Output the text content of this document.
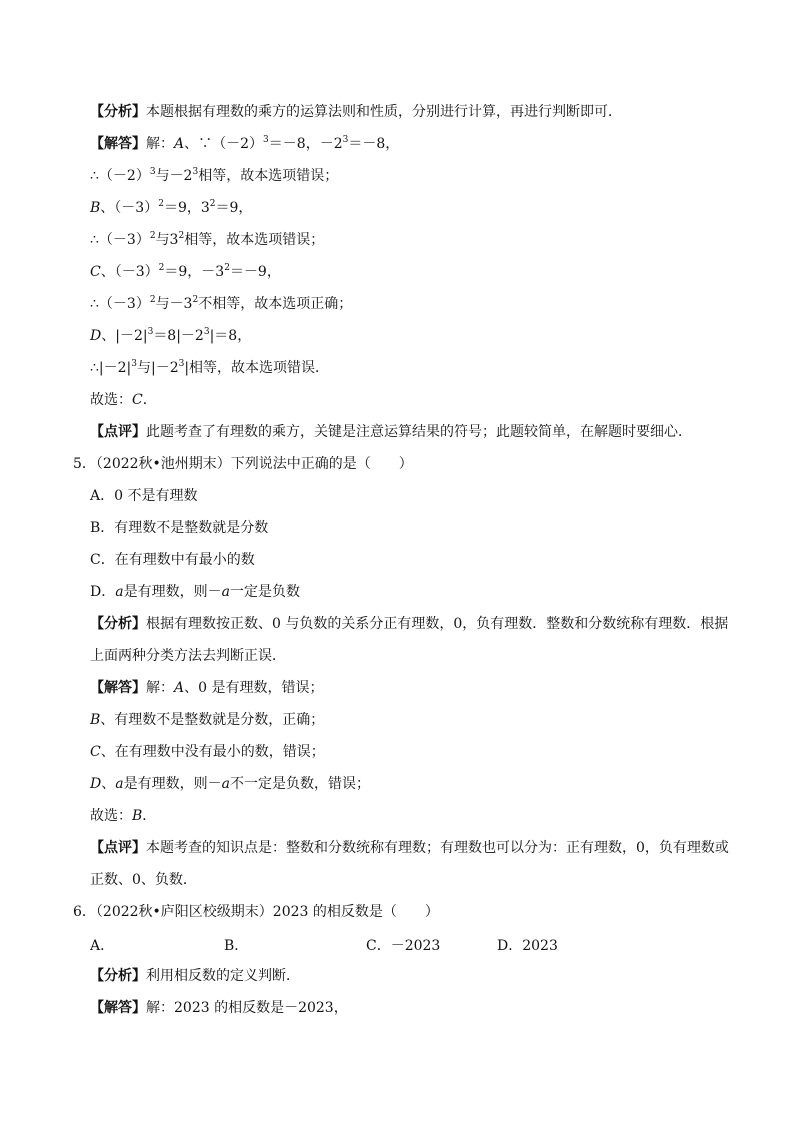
【分析】本题根据有理数的乘方的运算法则和性质，分别进行计算，再进行判断即可．
【解答】解：A、$\because(-2)^3=-8$，$-2^3=-8$，
$\therefore(-2)^3$与$-2^3$相等，故本选项错误；
B、$(-3)^2=9$，$3^2=9$，
$\therefore(-3)^2$与$3^2$相等，故本选项错误；
C、$(-3)^2=9$，$-3^2=-9$，
$\therefore(-3)^2$与$-3^2$不相等，故本选项正确；
D、$|-2|^3=8|-2^3|=8$，
$\therefore|-2|^3$与$|-2^3|$相等，故本选项错误．
故选：C．
【点评】此题考查了有理数的乘方，关键是注意运算结果的符号；此题较简单，在解题时要细心．
5．（2022秋•池州期末）下列说法中正确的是（　　）
A．0 不是有理数
B．有理数不是整数就是分数
C．在有理数中有最小的数
D．a是有理数，则－a一定是负数
【分析】根据有理数按正数、0 与负数的关系分正有理数，0，负有理数．整数和分数统称有理数．根据
上面两种分类方法去判断正误．
【解答】解：A、0 是有理数，错误；
B、有理数不是整数就是分数，正确；
C、在有理数中没有最小的数，错误；
D、a是有理数，则－a不一定是负数，错误；
故选：B．
【点评】本题考查的知识点是：整数和分数统称有理数；有理数也可以分为：正有理数，0，负有理数或
正数、0、负数．
6．（2022秋•庐阳区校级期末）2023 的相反数是（　　）
A．	B．	C．－2023	D．2023
【分析】利用相反数的定义判断．
【解答】解：2023 的相反数是－2023，
